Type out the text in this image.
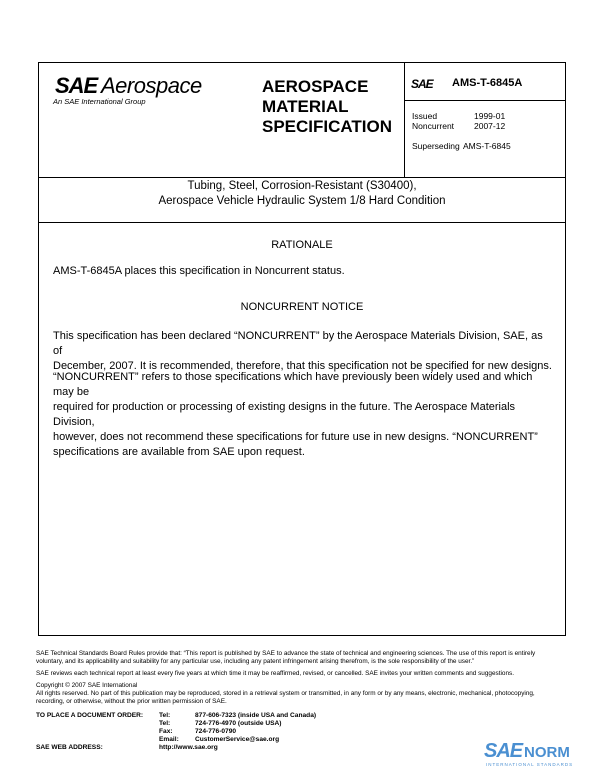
SAE Aerospace
An SAE International Group
AEROSPACE
MATERIAL
SPECIFICATION
SAE AMS-T-6845A
Issued	1999-01
Noncurrent 2007-12
Superseding AMS-T-6845
Tubing, Steel, Corrosion-Resistant (S30400),
Aerospace Vehicle Hydraulic System 1/8 Hard Condition
RATIONALE
AMS-T-6845A places this specification in Noncurrent status.
NONCURRENT NOTICE
This specification has been declared “NONCURRENT” by the Aerospace Materials Division, SAE, as of
December, 2007. It is recommended, therefore, that this specification not be specified for new designs.
“NONCURRENT” refers to those specifications which have previously been widely used and which may be
required for production or processing of existing designs in the future. The Aerospace Materials Division,
however, does not recommend these specifications for future use in new designs. “NONCURRENT”
specifications are available from SAE upon request.
SAE Technical Standards Board Rules provide that: “This report is published by SAE to advance the state of technical and engineering sciences. The use of this report is entirely
voluntary, and its applicability and suitability for any particular use, including any patent infringement arising therefrom, is the sole responsibility of the user.”
SAE reviews each technical report at least every five years at which time it may be reaffirmed, revised, or cancelled. SAE invites your written comments and suggestions.
Copyright © 2007 SAE International
All rights reserved. No part of this publication may be reproduced, stored in a retrieval system or transmitted, in any form or by any means, electronic, mechanical, photocopying,
recording, or otherwise, without the prior written permission of SAE.
TO PLACE A DOCUMENT ORDER: Tel:	877-606-7323 (inside USA and Canada)
Tel:	724-776-4970 (outside USA)
Fax:	724-776-0790
Email: CustomerService@sae.org
SAE WEB ADDRESS:	http://www.sae.org	SAE NORM
INTERNATIONAL STANDARDS
